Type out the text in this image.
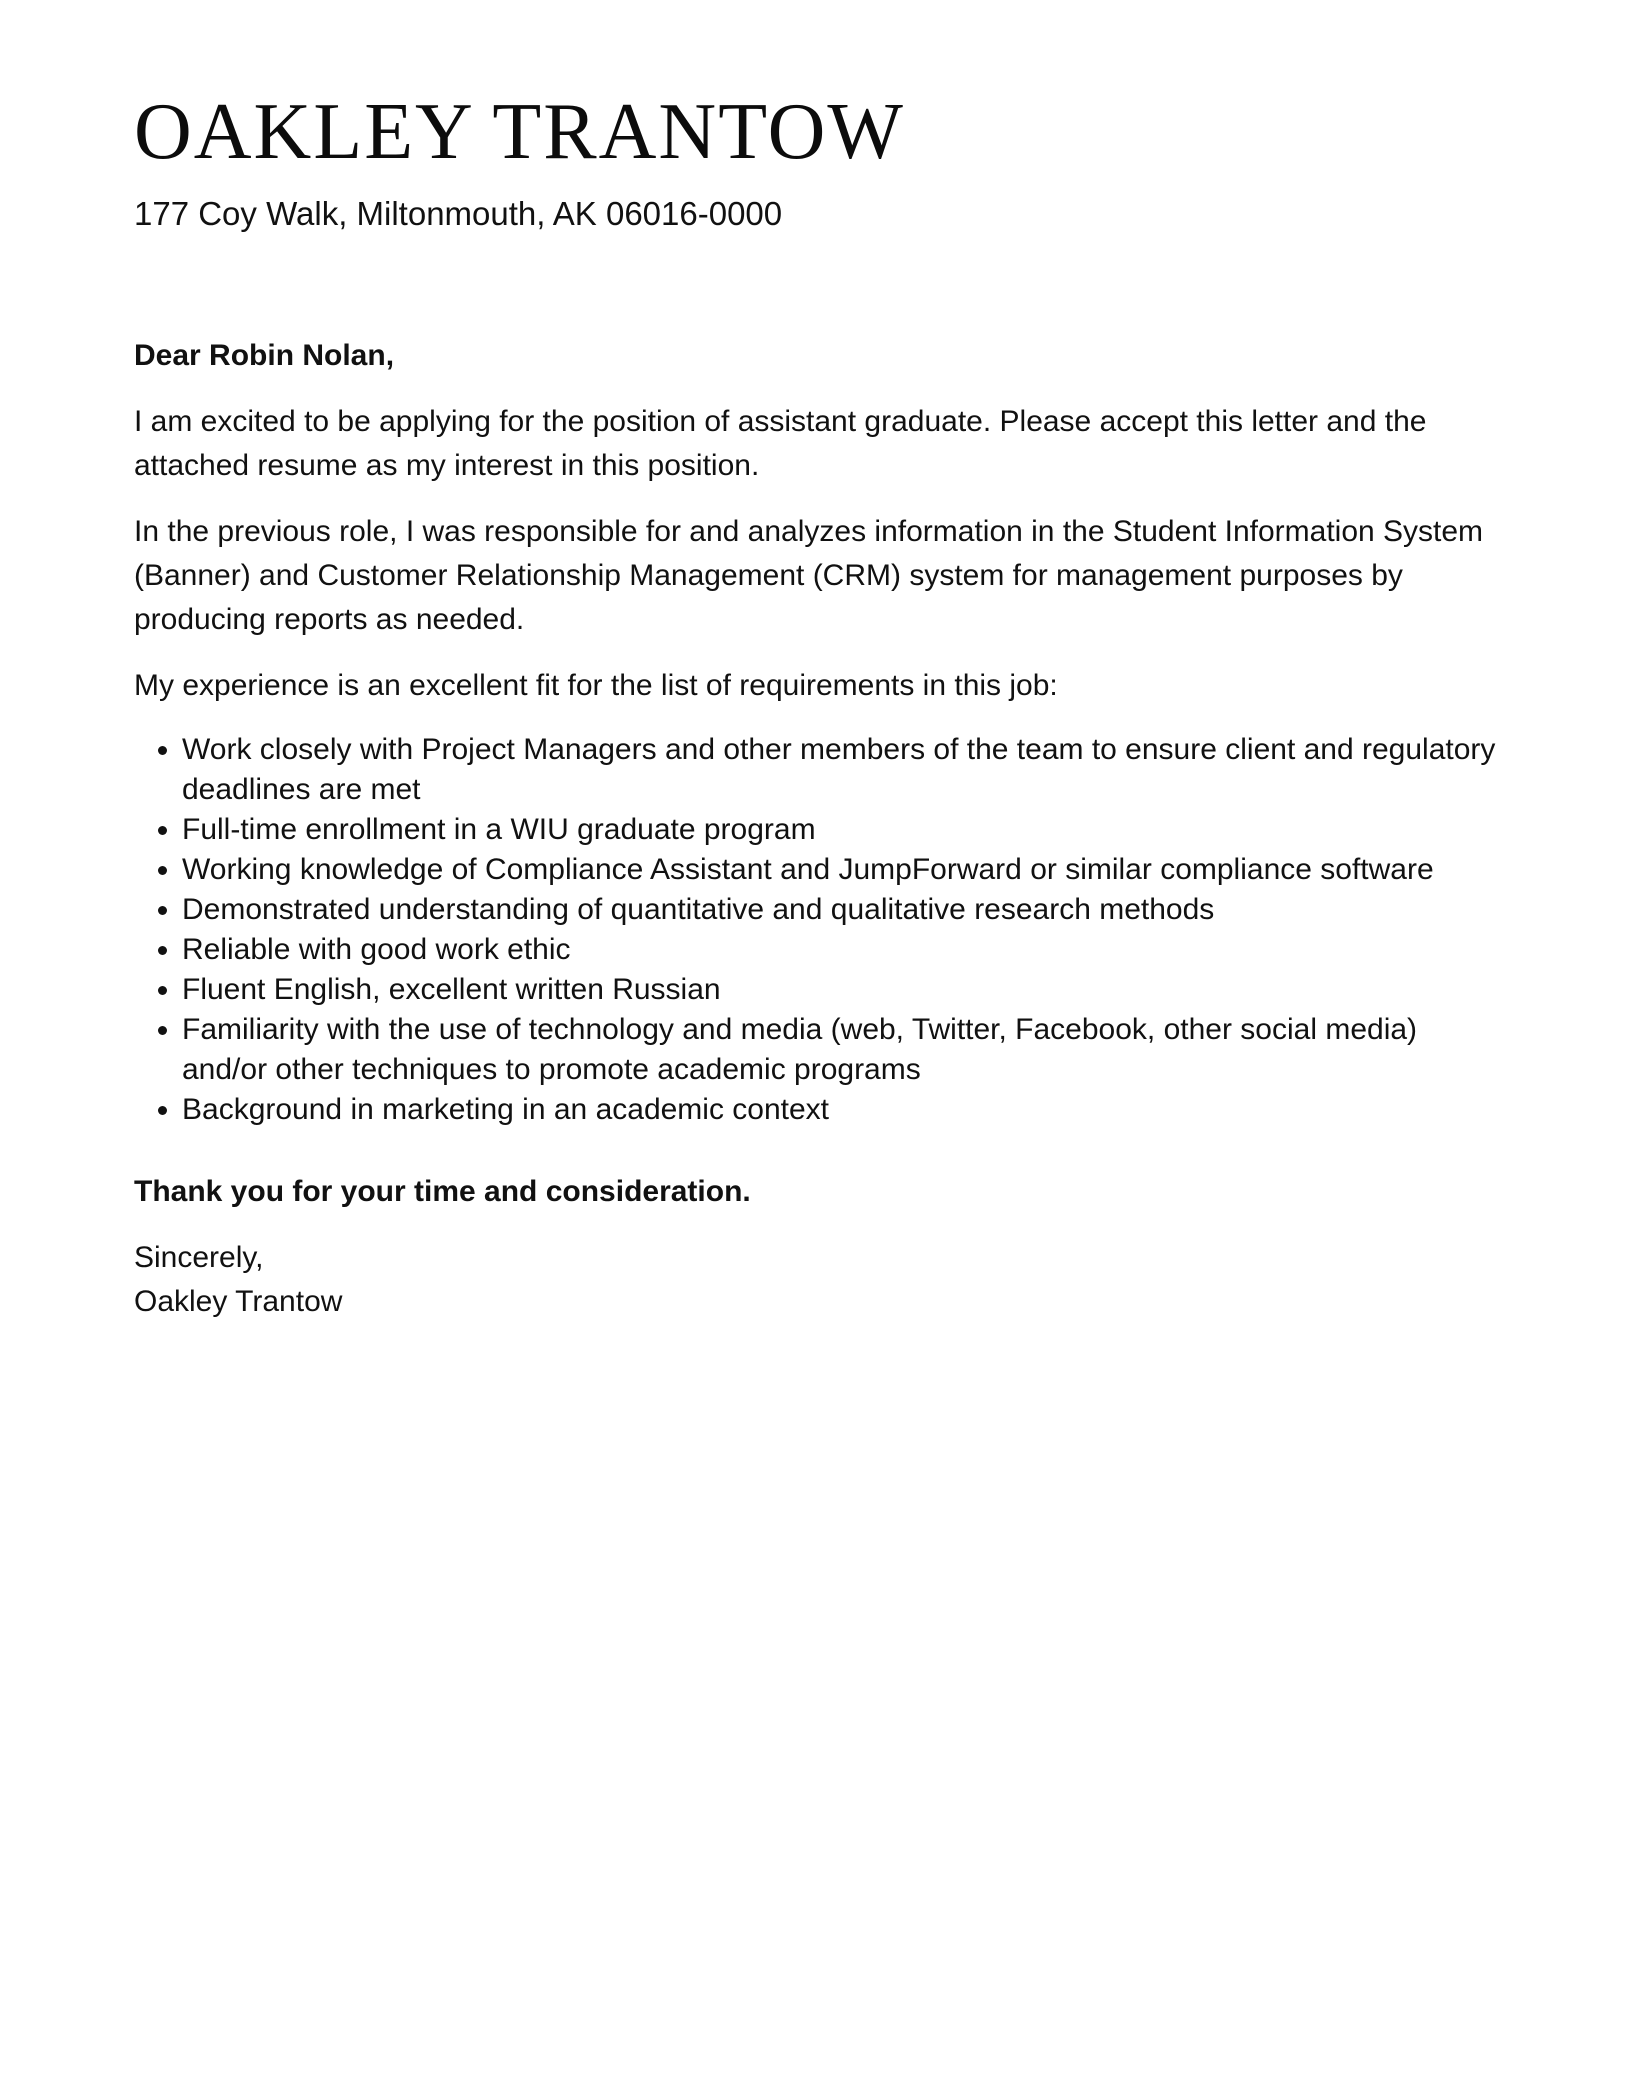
OAKLEY TRANTOW
177 Coy Walk, Miltonmouth, AK 06016-0000
Dear Robin Nolan,

I am excited to be applying for the position of assistant graduate. Please accept this letter and the attached resume as my interest in this position.

In the previous role, I was responsible for and analyzes information in the Student Information System (Banner) and Customer Relationship Management (CRM) system for management purposes by producing reports as needed.

My experience is an excellent fit for the list of requirements in this job:

• Work closely with Project Managers and other members of the team to ensure client and regulatory deadlines are met
• Full-time enrollment in a WIU graduate program
• Working knowledge of Compliance Assistant and JumpForward or similar compliance software
• Demonstrated understanding of quantitative and qualitative research methods
• Reliable with good work ethic
• Fluent English, excellent written Russian
• Familiarity with the use of technology and media (web, Twitter, Facebook, other social media) and/or other techniques to promote academic programs
• Background in marketing in an academic context
Thank you for your time and consideration.
Sincerely,
Oakley Trantow
